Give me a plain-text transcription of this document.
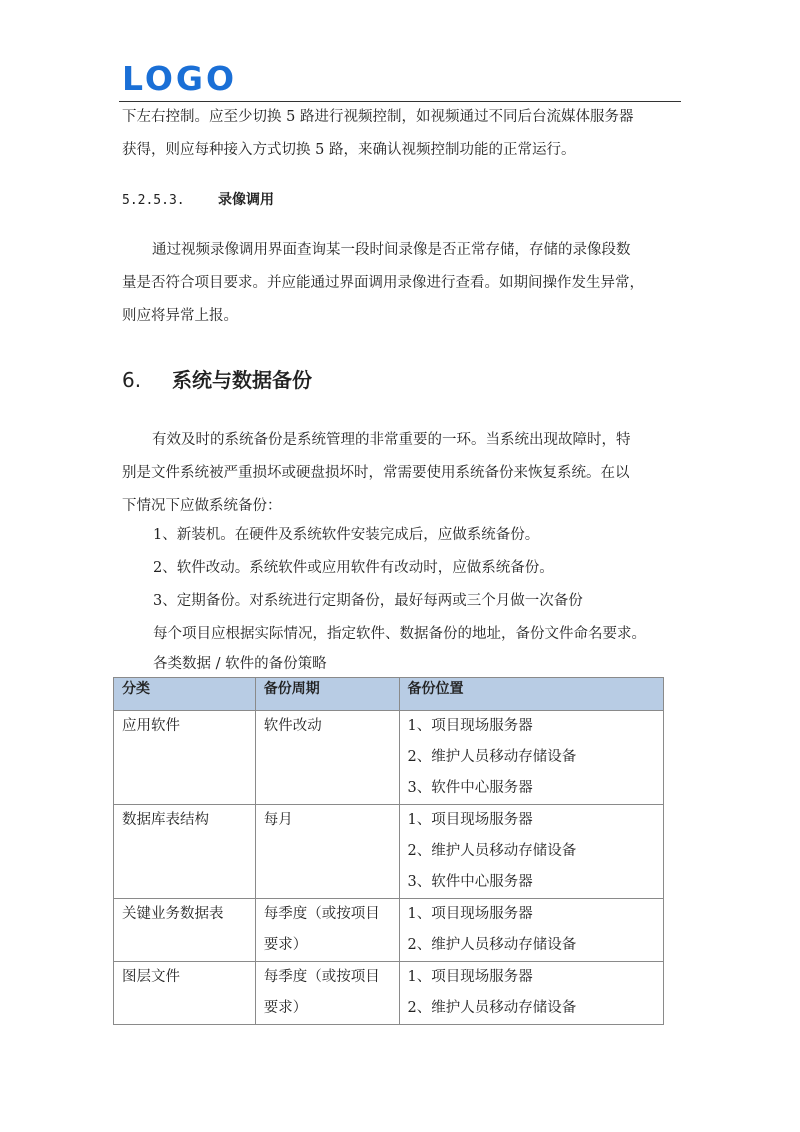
LOGO
下左右控制。应至少切换 5 路进行视频控制，如视频通过不同后台流媒体服务器
获得，则应每种接入方式切换 5 路，来确认视频控制功能的正常运行。
5.2.5.3. 录像调用
通过视频录像调用界面查询某一段时间录像是否正常存储，存储的录像段数
量是否符合项目要求。并应能通过界面调用录像进行查看。如期间操作发生异常，
则应将异常上报。
6. 系统与数据备份
有效及时的系统备份是系统管理的非常重要的一环。当系统出现故障时，特
别是文件系统被严重损坏或硬盘损坏时，常需要使用系统备份来恢复系统。在以
下情况下应做系统备份：
1、新装机。在硬件及系统软件安装完成后，应做系统备份。
2、软件改动。系统软件或应用软件有改动时，应做系统备份。
3、定期备份。对系统进行定期备份，最好每两或三个月做一次备份
每个项目应根据实际情况，指定软件、数据备份的地址，备份文件命名要求。
各类数据 / 软件的备份策略
分类	备份周期	备份位置
应用软件	软件改动	1、项目现场服务器
2、维护人员移动存储设备
3、软件中心服务器

数据库表结构	每月	1、项目现场服务器
2、维护人员移动存储设备
3、软件中心服务器

关键业务数据表	每季度（或按项目要求）	1、项目现场服务器
2、维护人员移动存储设备

图层文件	每季度（或按项目要求）	1、项目现场服务器
2、维护人员移动存储设备
